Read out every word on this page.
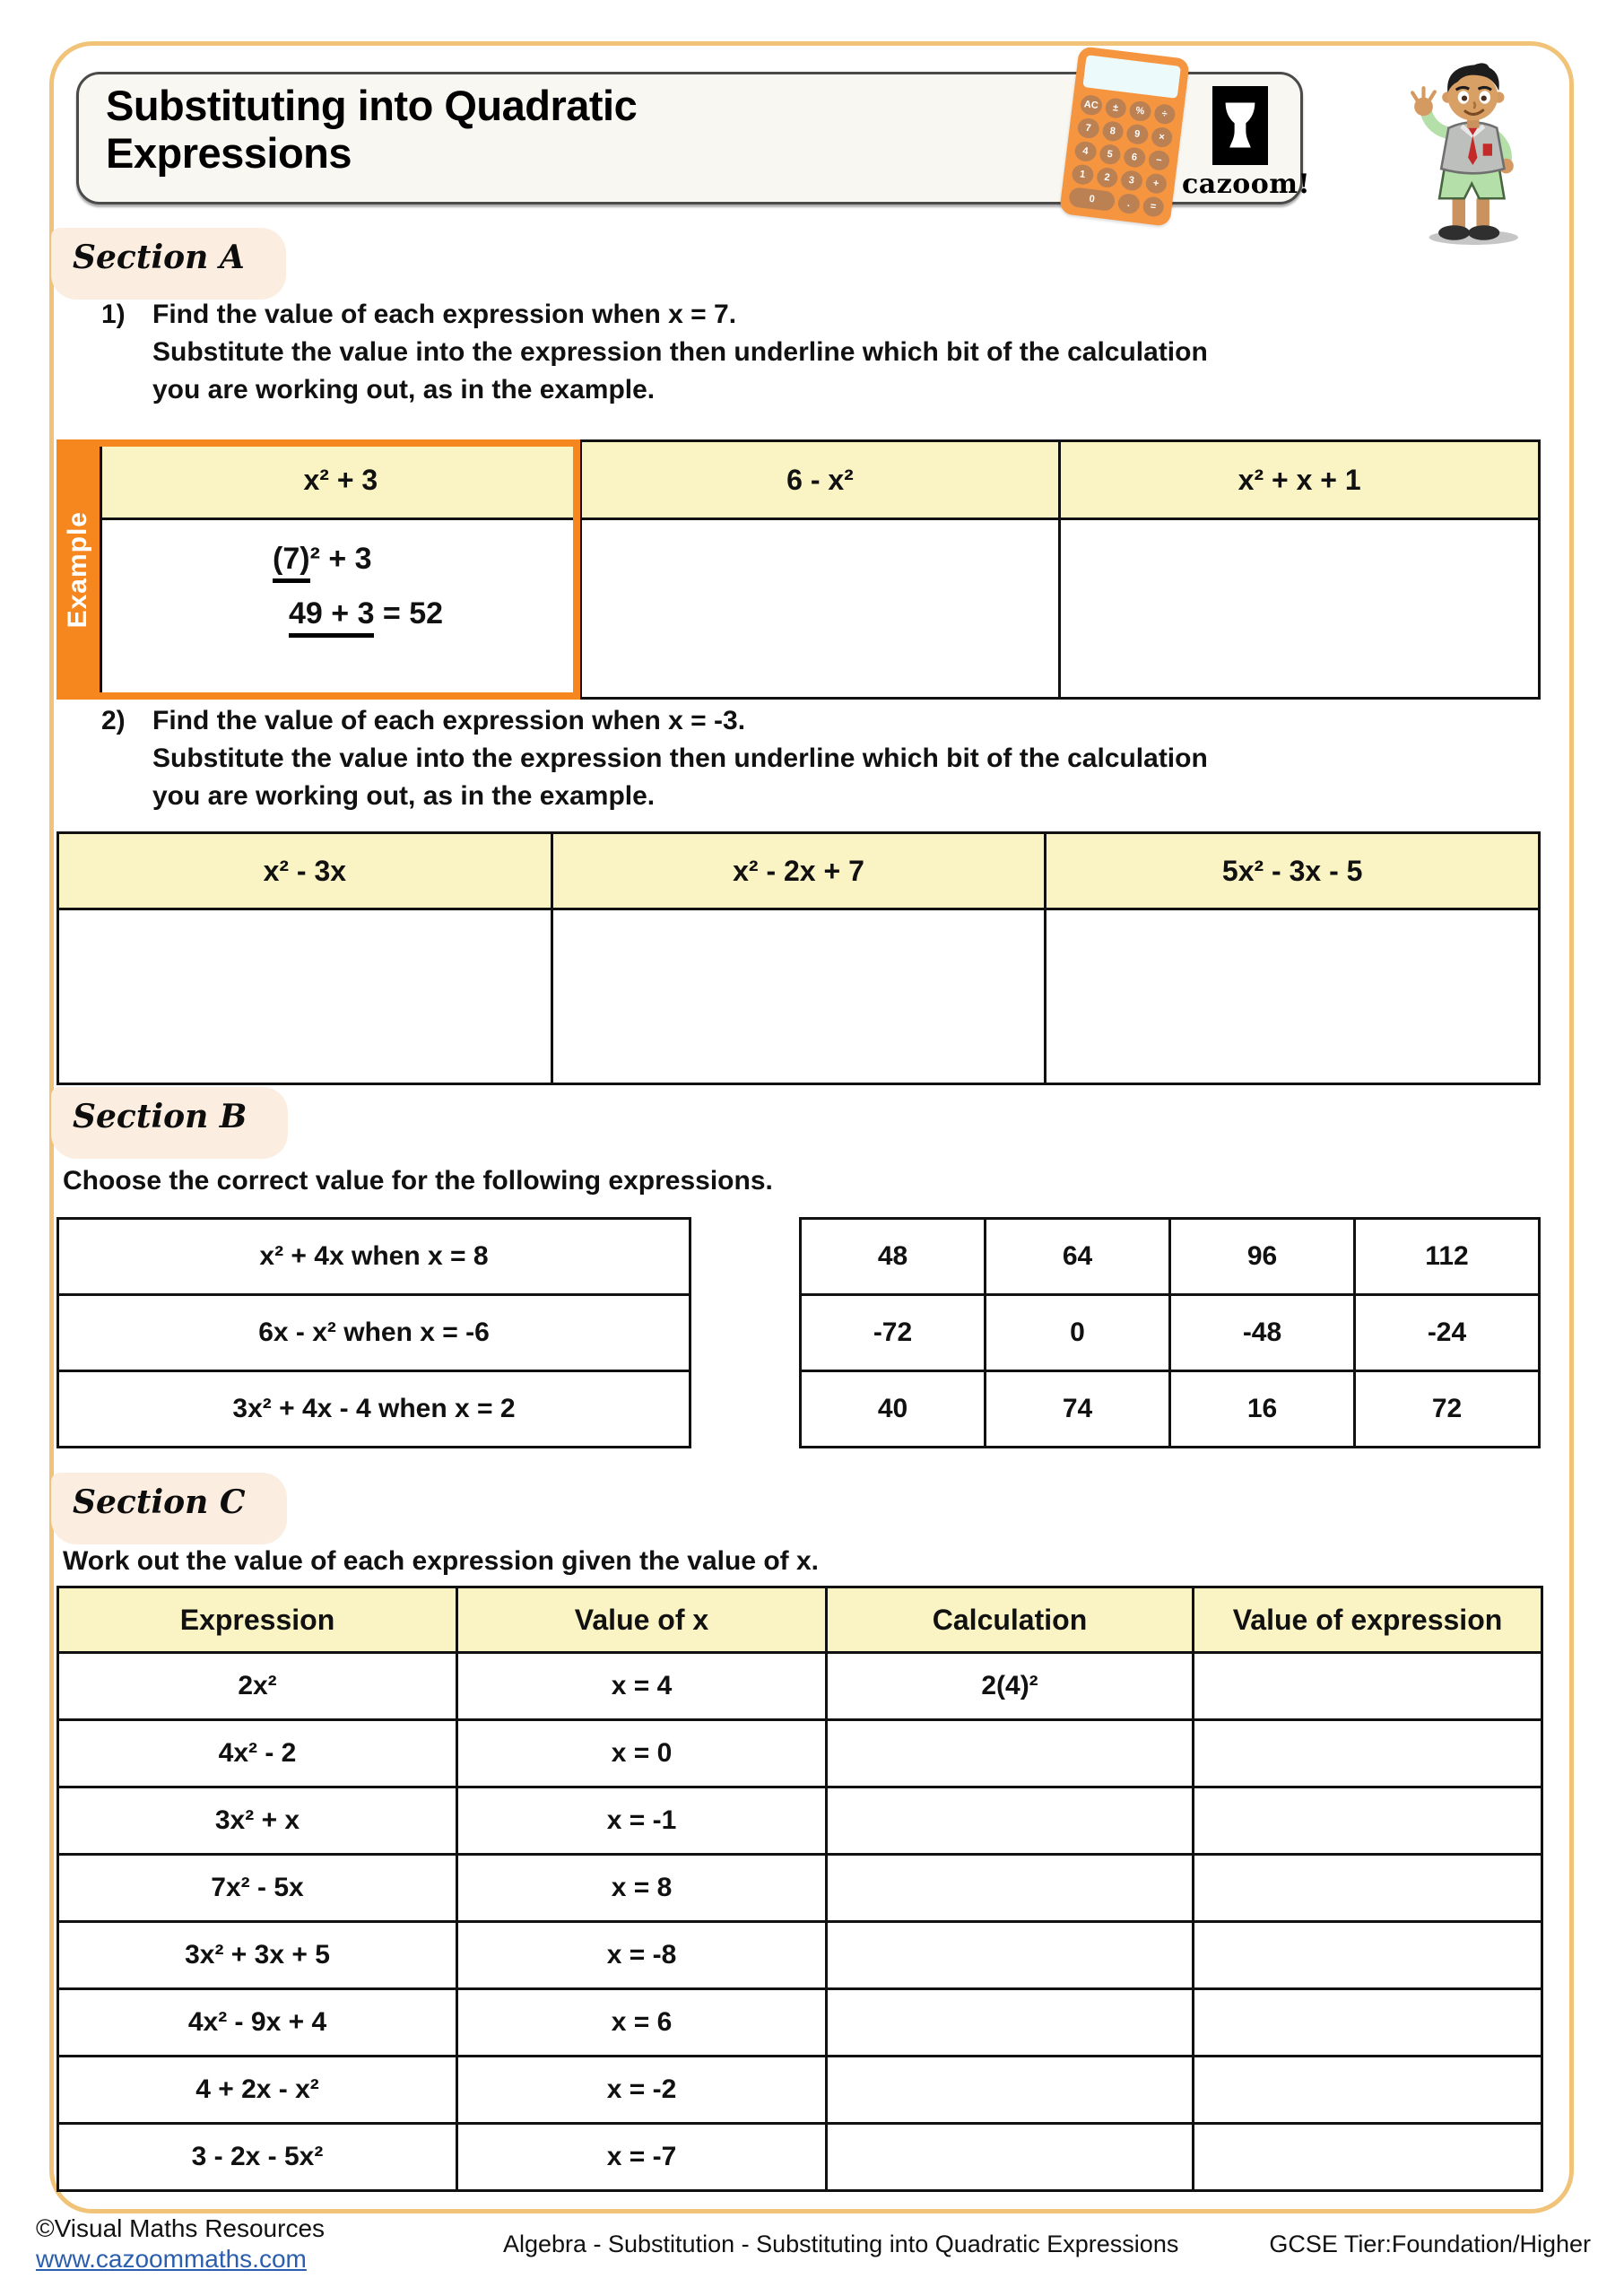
Substituting into Quadratic
Expressions
AC	±	%	÷
7	8	9	×
4	5	6	−
1	2	3	+
0	.	=
cazoom!
Section A
1)	Find the value of each expression when x = 7.
Substitute the value into the expression then underline which bit of the calculation
you are working out, as in the example.
Example
x² + 3	6 - x²	x² + x + 1

(7)² + 3
49 + 3 = 52		

2)	Find the value of each expression when x = -3.
Substitute the value into the expression then underline which bit of the calculation
you are working out, as in the example.
x² - 3x	x² - 2x + 7	5x² - 3x - 5

Section B
Choose the correct value for the following expressions.
x² + 4x when x = 8
6x - x² when x = -6
3x² + 4x - 4 when x = 2
48	64	96	112
-72	0	-48	-24
40	74	16	72
Section C
Work out the value of each expression given the value of x.
Expression	Value of x	Calculation	Value of expression
2x²	x = 4	2(4)²	
4x² - 2	x = 0		
3x² + x	x = -1		
7x² - 5x	x = 8		
3x² + 3x + 5	x = -8		
4x² - 9x + 4	x = 6		
4 + 2x - x²	x = -2		
3 - 2x - 5x²	x = -7		
©Visual Maths Resources
www.cazoommaths.com
Algebra - Substitution - Substituting into Quadratic Expressions	GCSE Tier:Foundation/Higher
